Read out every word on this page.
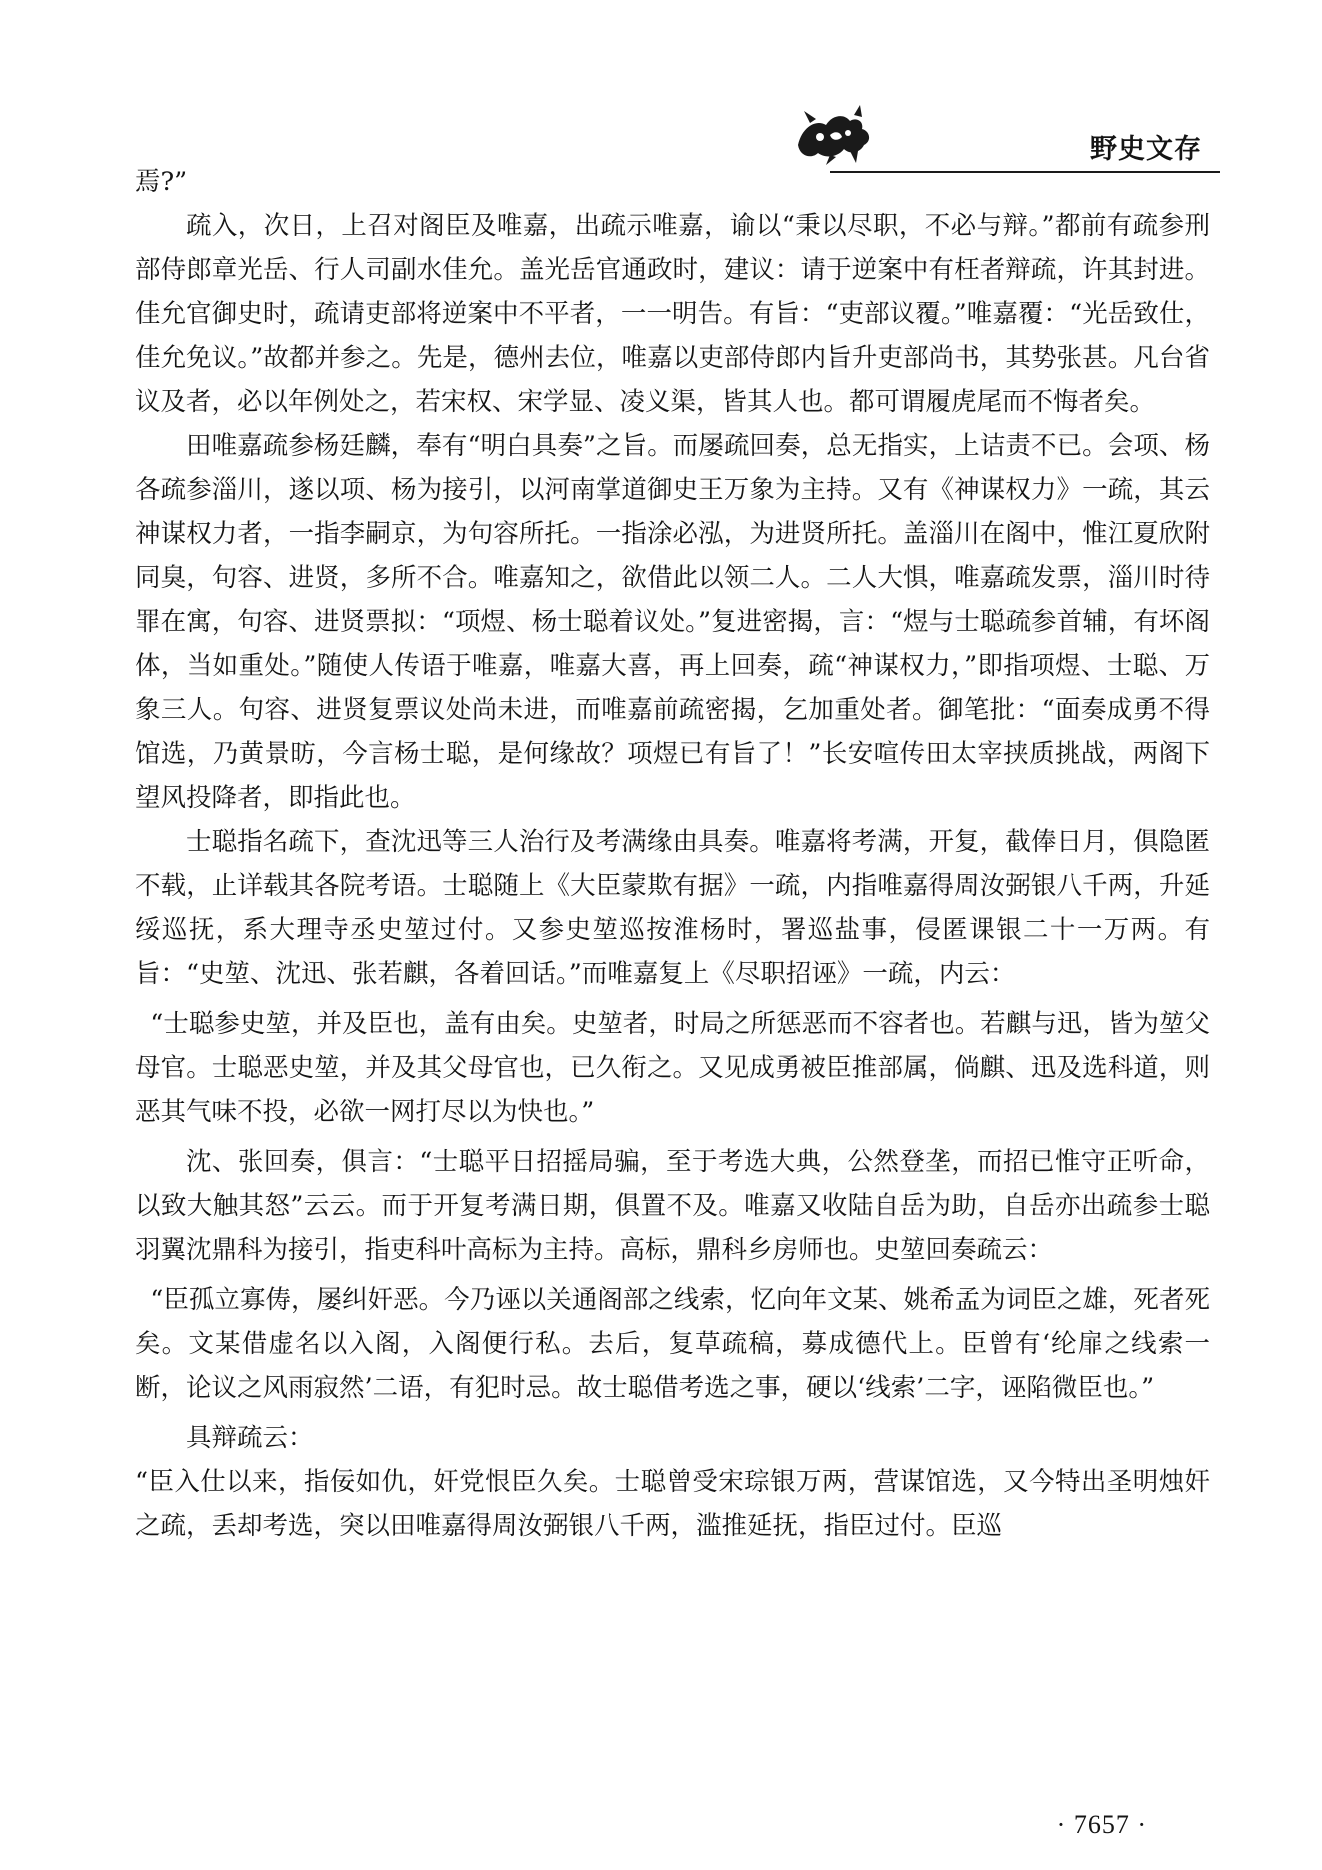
野史文存

焉?”

疏入，次日，上召对阁臣及唯嘉，出疏示唯嘉，谕以“秉以尽职，不必与辩。”都前有疏参刑部侍郎章光岳、行人司副水佳允。盖光岳官通政时，建议：请于逆案中有枉者辩疏，许其封进。佳允官御史时，疏请吏部将逆案中不平者，一一明告。有旨：“吏部议覆。”唯嘉覆：“光岳致仕，佳允免议。”故都并参之。先是，德州去位，唯嘉以吏部侍郎内旨升吏部尚书，其势张甚。凡台省议及者，必以年例处之，若宋权、宋学显、凌义渠，皆其人也。都可谓履虎尾而不悔者矣。

田唯嘉疏参杨廷麟，奉有“明白具奏”之旨。而屡疏回奏，总无指实，上诘责不已。会项、杨各疏参淄川，遂以项、杨为接引，以河南掌道御史王万象为主持。又有《神谋权力》一疏，其云神谋权力者，一指李嗣京，为句容所托。一指涂必泓，为进贤所托。盖淄川在阁中，惟江夏欣附同臭，句容、进贤，多所不合。唯嘉知之，欲借此以领二人。二人大惧，唯嘉疏发票，淄川时待罪在寓，句容、进贤票拟：“项煜、杨士聪着议处。”复进密揭，言：“煜与士聪疏参首辅，有坏阁体，当如重处。”随使人传语于唯嘉，唯嘉大喜，再上回奏，疏“神谋权力，”即指项煜、士聪、万象三人。句容、进贤复票议处尚未进，而唯嘉前疏密揭，乞加重处者。御笔批：“面奏成勇不得馆选，乃黄景昉，今言杨士聪，是何缘故？项煜已有旨了！”长安喧传田太宰挟质挑战，两阁下望风投降者，即指此也。

士聪指名疏下，查沈迅等三人治行及考满缘由具奏。唯嘉将考满，开复，截俸日月，俱隐匿不载，止详载其各院考语。士聪随上《大臣蒙欺有据》一疏，内指唯嘉得周汝弼银八千两，升延绥巡抚，系大理寺丞史堃过付。又参史堃巡按淮杨时，署巡盐事，侵匿课银二十一万两。有旨：“史堃、沈迅、张若麒，各着回话。”而唯嘉复上《尽职招诬》一疏，内云：

“士聪参史堃，并及臣也，盖有由矣。史堃者，时局之所惩恶而不容者也。若麒与迅，皆为堃父母官。士聪恶史堃，并及其父母官也，已久衔之。又见成勇被臣推部属，倘麒、迅及选科道，则恶其气味不投，必欲一网打尽以为快也。”

沈、张回奏，俱言：“士聪平日招摇局骗，至于考选大典，公然登垄，而招已惟守正听命，以致大触其怒”云云。而于开复考满日期，俱置不及。唯嘉又收陆自岳为助，自岳亦出疏参士聪羽翼沈鼎科为接引，指吏科叶高标为主持。高标，鼎科乡房师也。史堃回奏疏云：

“臣孤立寡俦，屡纠奸恶。今乃诬以关通阁部之线索，忆向年文某、姚希孟为词臣之雄，死者死矣。文某借虚名以入阁，入阁便行私。去后，复草疏稿，募成德代上。臣曾有‘纶扉之线索一断，论议之风雨寂然’二语，有犯时忌。故士聪借考选之事，硬以‘线索’二字，诬陷微臣也。”

具辩疏云：

“臣入仕以来，指佞如仇，奸党恨臣久矣。士聪曾受宋琮银万两，营谋馆选，又今特出圣明烛奸之疏，丢却考选，突以田唯嘉得周汝弼银八千两，滥推延抚，指臣过付。臣巡

· 7657 ·
